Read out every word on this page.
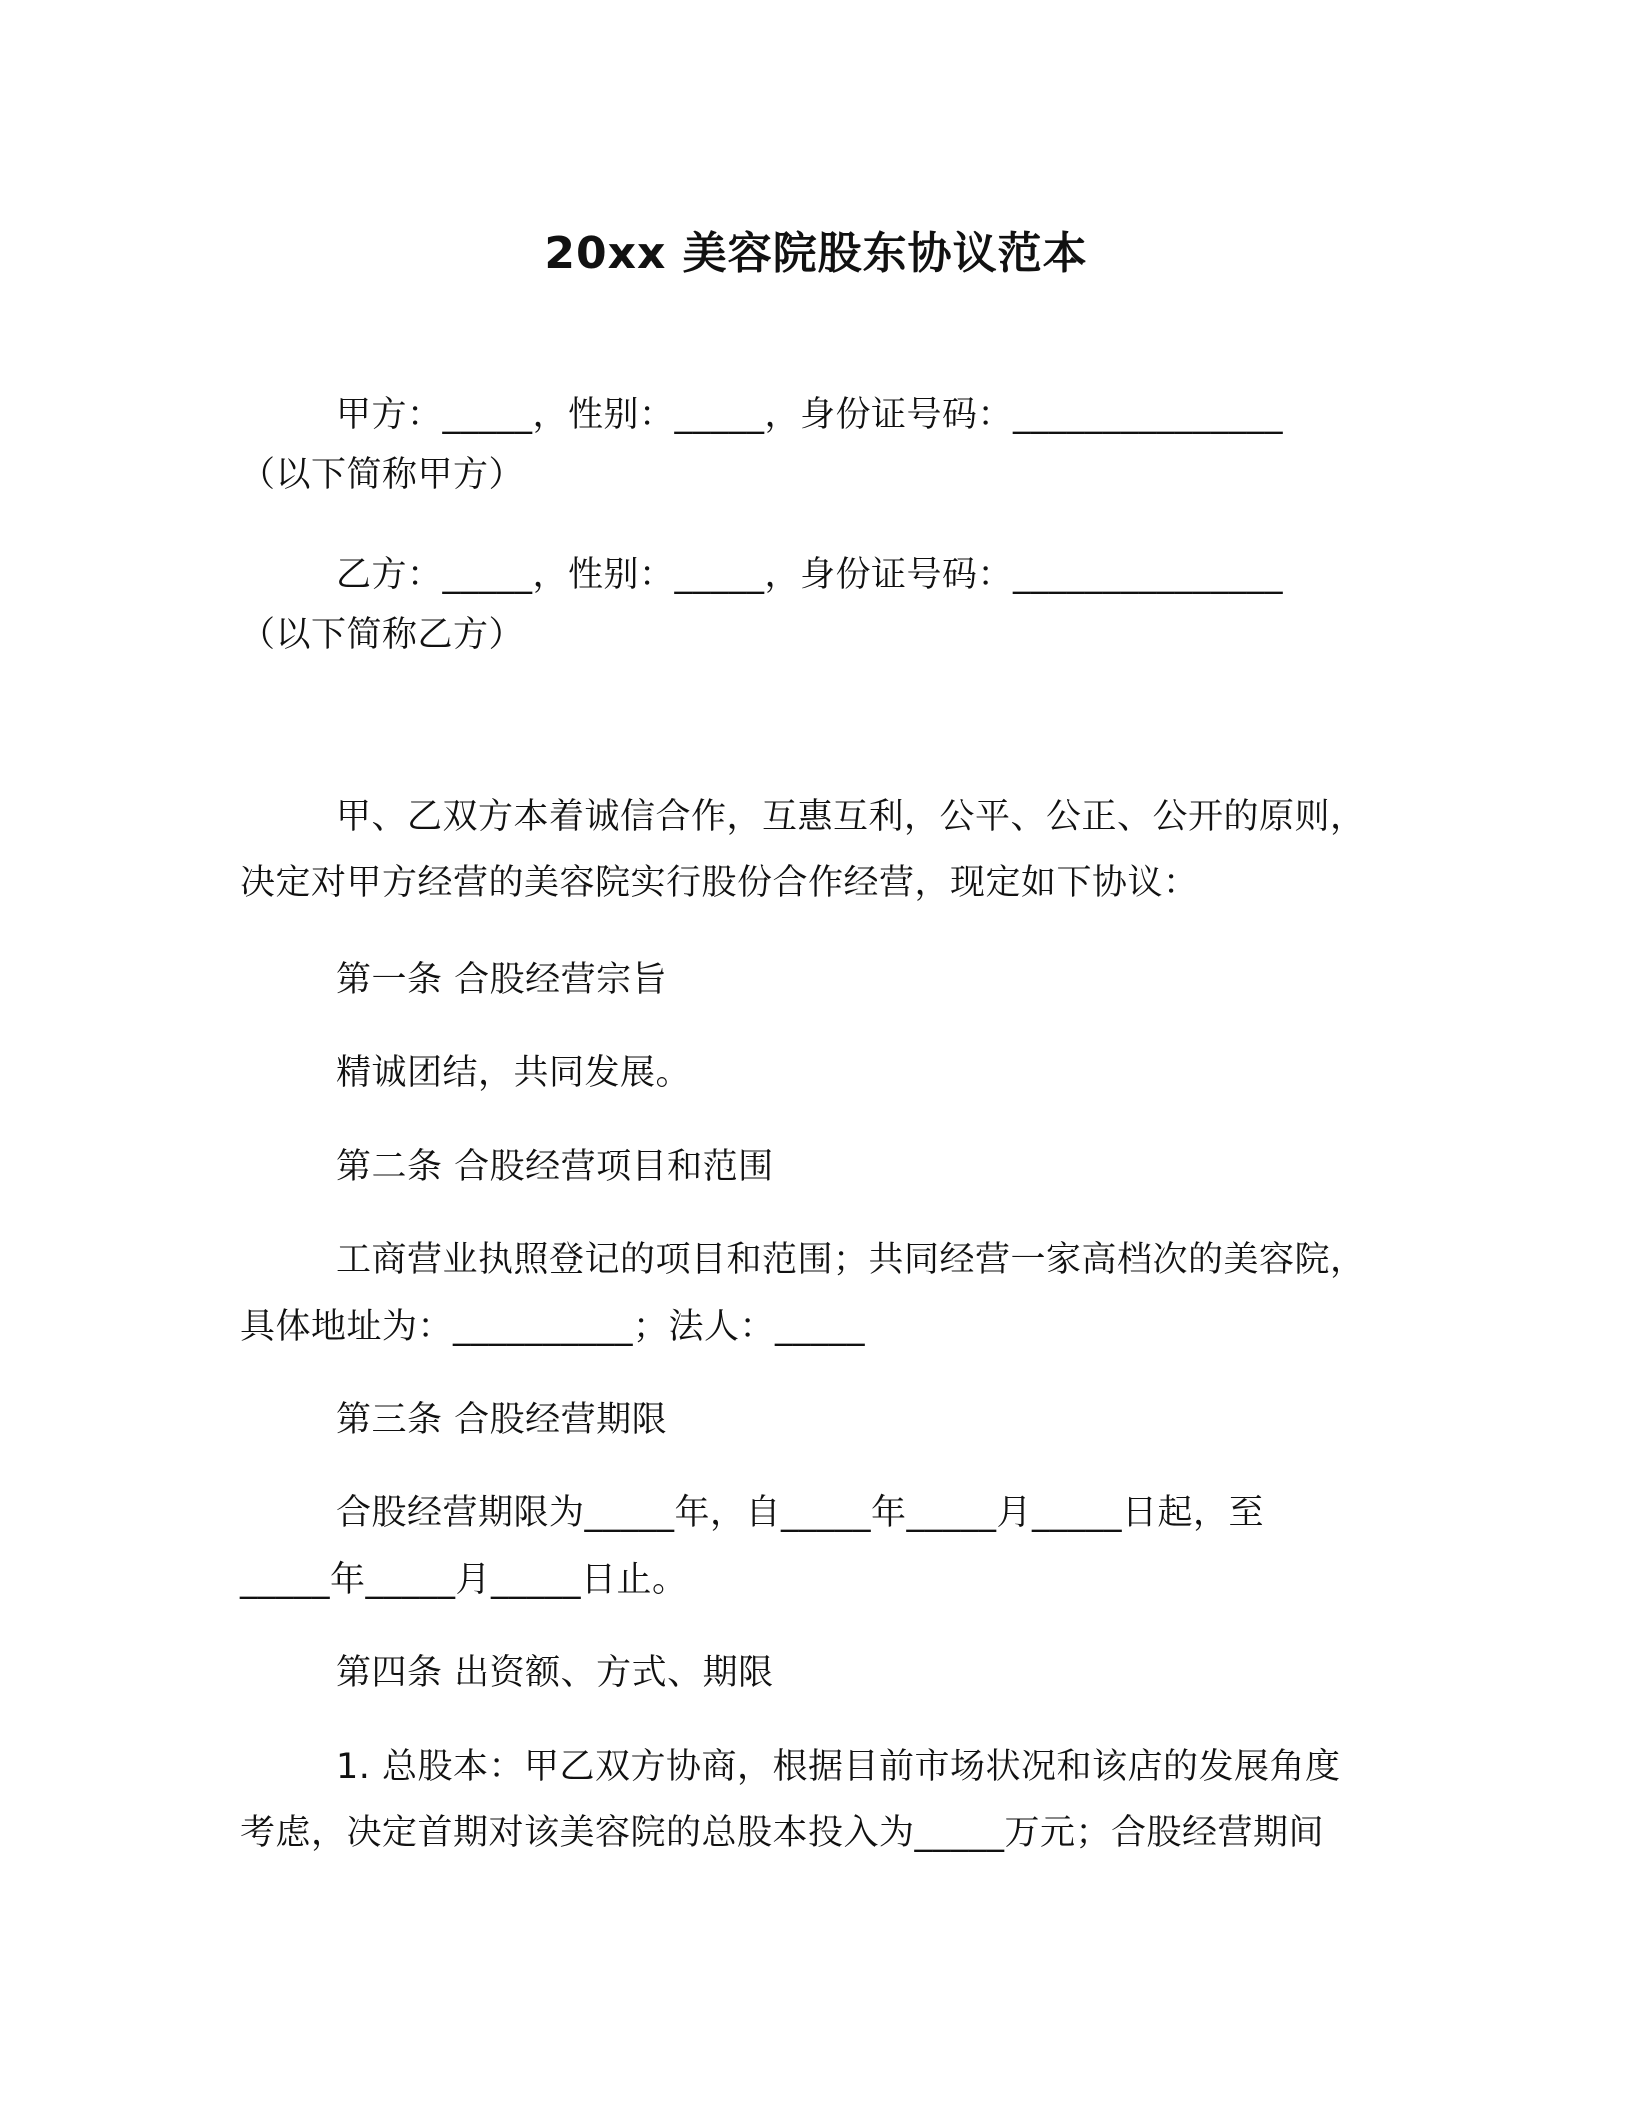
20xx 美容院股东协议范本
甲方：_____，性别：_____，身份证号码：_______________
（以下简称甲方）
乙方：_____，性别：_____，身份证号码：_______________
（以下简称乙方）
甲、乙双方本着诚信合作，互惠互利，公平、公正、公开的原则，
决定对甲方经营的美容院实行股份合作经营，现定如下协议：
第一条 合股经营宗旨
精诚团结，共同发展。
第二条 合股经营项目和范围
工商营业执照登记的项目和范围；共同经营一家高档次的美容院，
具体地址为：__________；法人：_____
第三条 合股经营期限
合股经营期限为_____年，自_____年_____月_____日起，至
_____年_____月_____日止。
第四条 出资额、方式、期限
1. 总股本：甲乙双方协商，根据目前市场状况和该店的发展角度
考虑，决定首期对该美容院的总股本投入为_____万元；合股经营期间
